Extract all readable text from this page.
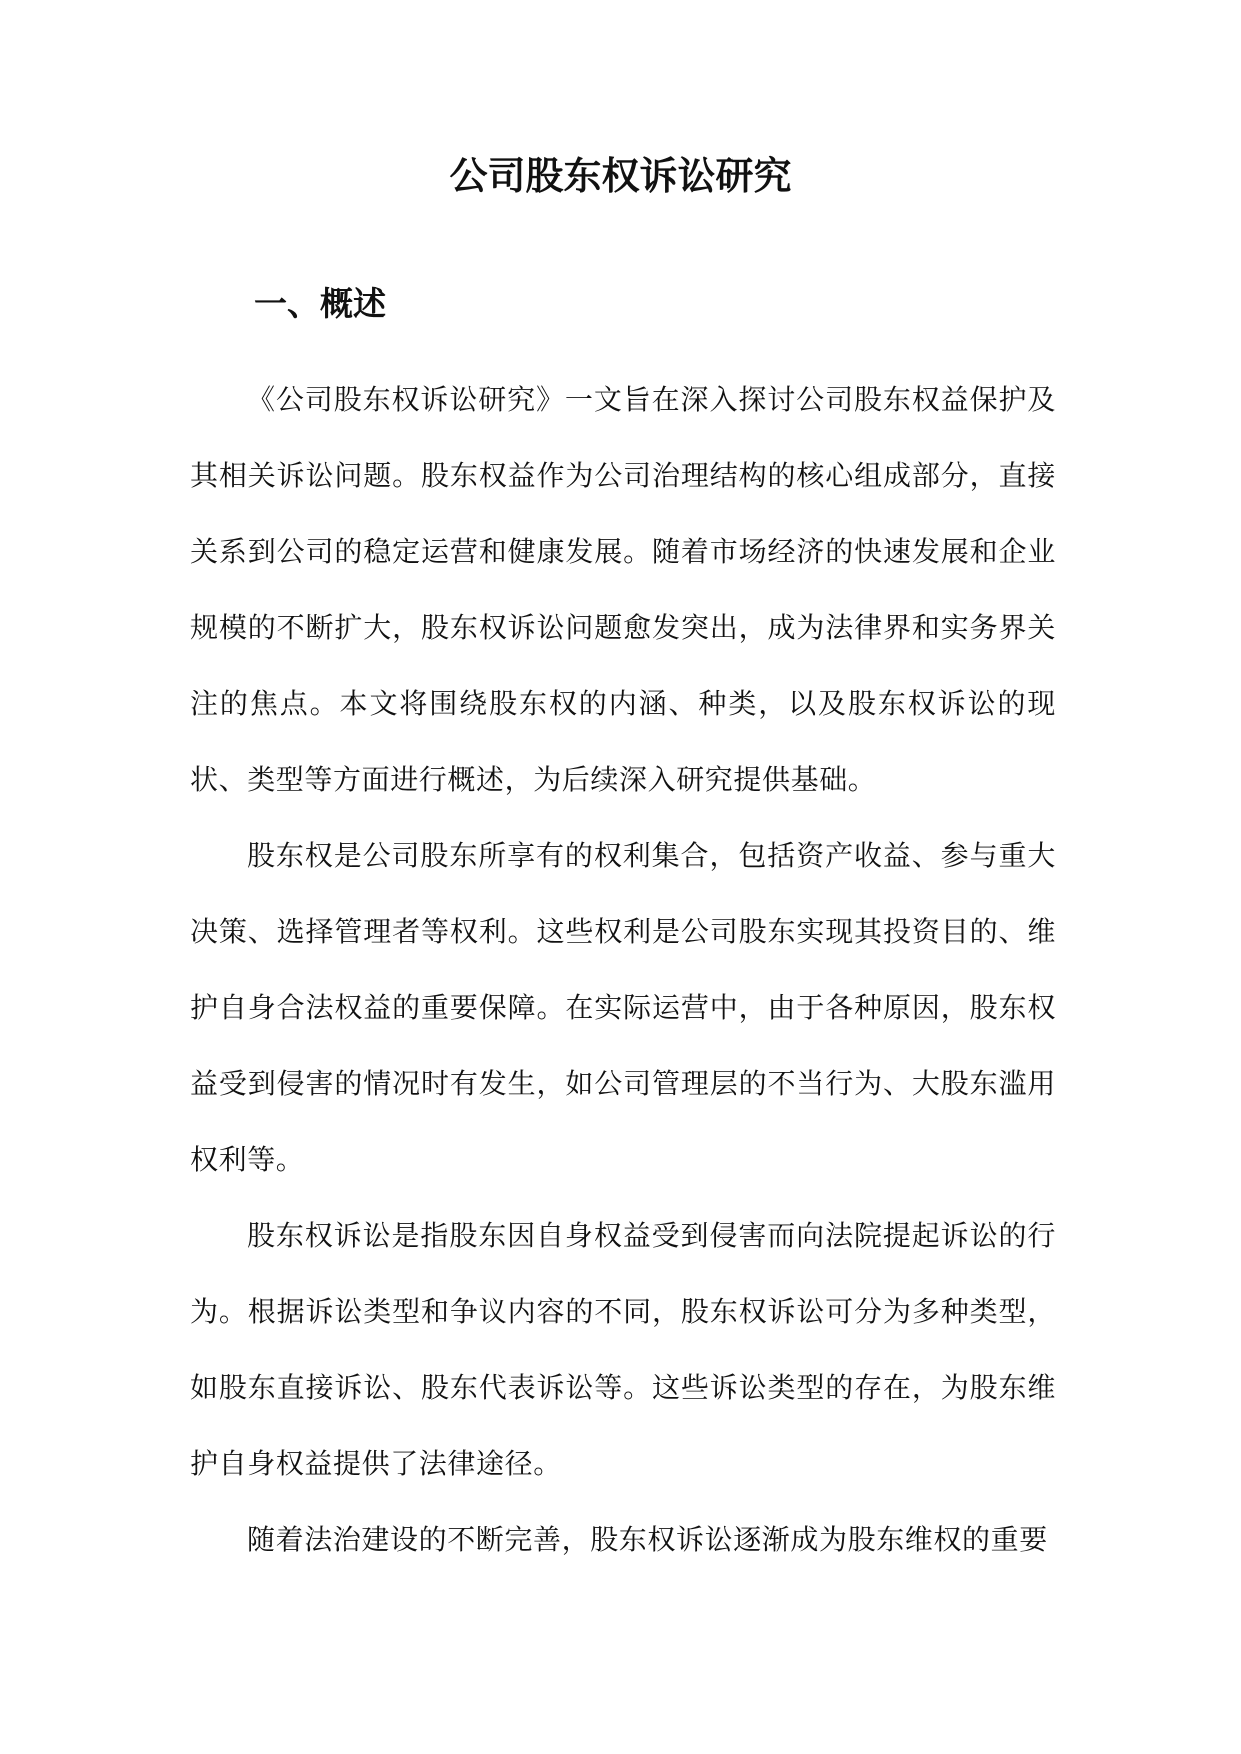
公司股东权诉讼研究
一、概述

《公司股东权诉讼研究》一文旨在深入探讨公司股东权益保护及其相关诉讼问题。股东权益作为公司治理结构的核心组成部分，直接关系到公司的稳定运营和健康发展。随着市场经济的快速发展和企业规模的不断扩大，股东权诉讼问题愈发突出，成为法律界和实务界关注的焦点。本文将围绕股东权的内涵、种类，以及股东权诉讼的现状、类型等方面进行概述，为后续深入研究提供基础。

股东权是公司股东所享有的权利集合，包括资产收益、参与重大决策、选择管理者等权利。这些权利是公司股东实现其投资目的、维护自身合法权益的重要保障。在实际运营中，由于各种原因，股东权益受到侵害的情况时有发生，如公司管理层的不当行为、大股东滥用权利等。

股东权诉讼是指股东因自身权益受到侵害而向法院提起诉讼的行为。根据诉讼类型和争议内容的不同，股东权诉讼可分为多种类型，如股东直接诉讼、股东代表诉讼等。这些诉讼类型的存在，为股东维护自身权益提供了法律途径。

随着法治建设的不断完善，股东权诉讼逐渐成为股东维权的重要
